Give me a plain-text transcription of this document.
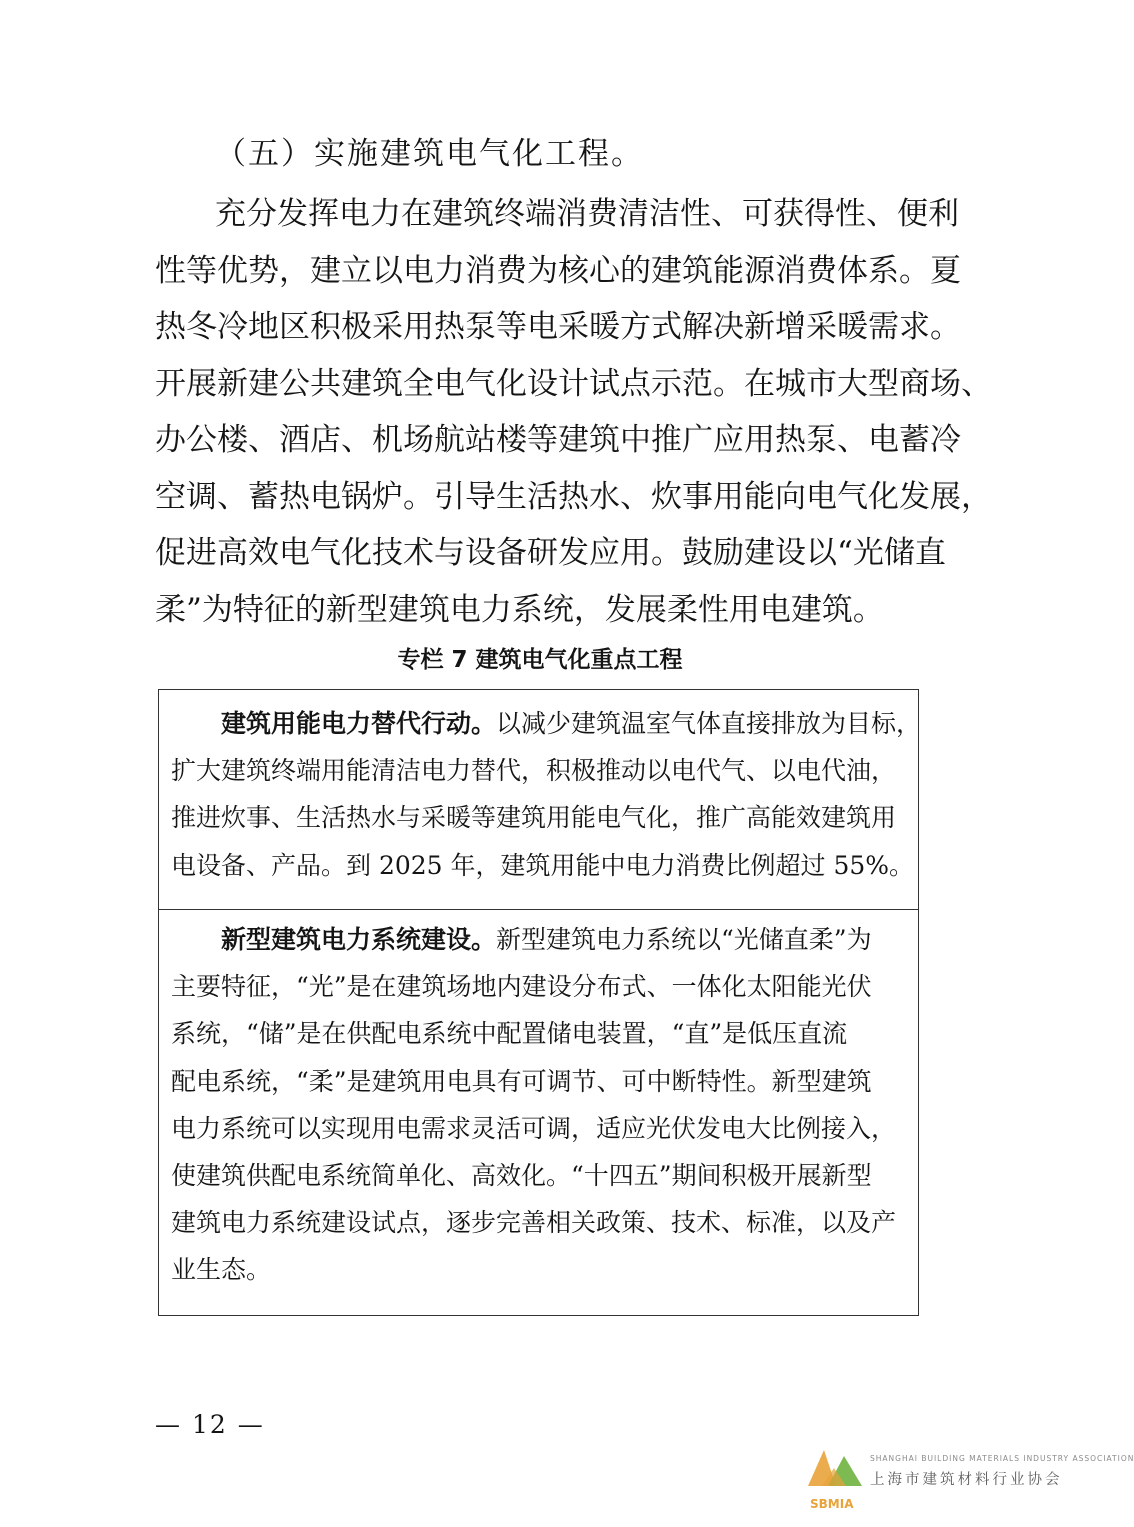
（五）实施建筑电气化工程。
充分发挥电力在建筑终端消费清洁性、可获得性、便利
性等优势，建立以电力消费为核心的建筑能源消费体系。夏
热冬冷地区积极采用热泵等电采暖方式解决新增采暖需求。
开展新建公共建筑全电气化设计试点示范。在城市大型商场、
办公楼、酒店、机场航站楼等建筑中推广应用热泵、电蓄冷
空调、蓄热电锅炉。引导生活热水、炊事用能向电气化发展，
促进高效电气化技术与设备研发应用。鼓励建设以“光储直
柔”为特征的新型建筑电力系统，发展柔性用电建筑。
专栏 7 建筑电气化重点工程
建筑用能电力替代行动。以减少建筑温室气体直接排放为目标，
扩大建筑终端用能清洁电力替代，积极推动以电代气、以电代油，
推进炊事、生活热水与采暖等建筑用能电气化，推广高能效建筑用
电设备、产品。到 2025 年，建筑用能中电力消费比例超过 55%。
新型建筑电力系统建设。新型建筑电力系统以“光储直柔”为
主要特征，“光”是在建筑场地内建设分布式、一体化太阳能光伏
系统，“储”是在供配电系统中配置储电装置，“直”是低压直流
配电系统，“柔”是建筑用电具有可调节、可中断特性。新型建筑
电力系统可以实现用电需求灵活可调，适应光伏发电大比例接入，
使建筑供配电系统简单化、高效化。“十四五”期间积极开展新型
建筑电力系统建设试点，逐步完善相关政策、技术、标准，以及产
业生态。
— 12 —
SBMIA
SHANGHAI BUILDING MATERIALS INDUSTRY ASSOCIATION
上海市建筑材料行业协会
